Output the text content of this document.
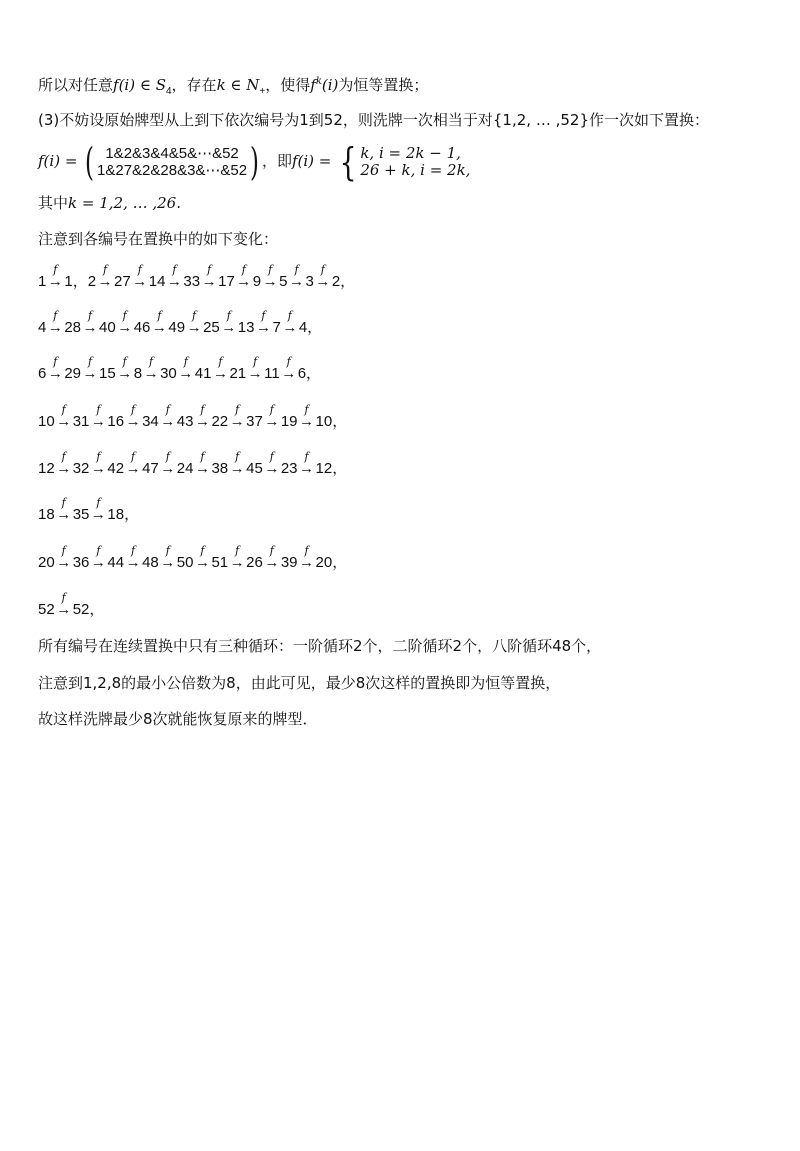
所以对任意f(i) ∈ $S_4$，存在k ∈ $N_+$，使得$f^k(i)$为恒等置换；
(3)不妨设原始牌型从上到下依次编号为1到52，则洗牌一次相当于对{1,2, … ,52}作一次如下置换：
f(i) = ( 1&2&3&4&5&⋯&52
1&27&2&28&3&⋯&52) ，即f(i) = { k, i = 2k − 1,
26 + k, i = 2k,
其中k = 1,2, … ,26.
注意到各编号在置换中的如下变化：
1
f
→ 1，2
f
→ 27
f
→ 14
f
→ 33
f
→ 17
f
→ 9
f
→ 5
f
→ 3
f
→ 2，
4
f
→ 28
f
→ 40
f
→ 46
f
→ 49
f
→ 25
f
→ 13
f
→ 7
f
→ 4，
6
f
→ 29
f
→ 15
f
→ 8
f
→ 30
f
→ 41
f
→ 21
f
→ 11
f
→ 6，
10
f
→ 31
f
→ 16
f
→ 34
f
→ 43
f
→ 22
f
→ 37
f
→ 19
f
→ 10，
12
f
→ 32
f
→ 42
f
→ 47
f
→ 24
f
→ 38
f
→ 45
f
→ 23
f
→ 12，
18
f
→ 35
f
→ 18，
20
f
→ 36
f
→ 44
f
→ 48
f
→ 50
f
→ 51
f
→ 26
f
→ 39
f
→ 20，
52
f
→ 52，
所有编号在连续置换中只有三种循环：一阶循环2个，二阶循环2个，八阶循环48个，
注意到1,2,8的最小公倍数为8，由此可见，最少8次这样的置换即为恒等置换，
故这样洗牌最少8次就能恢复原来的牌型．
